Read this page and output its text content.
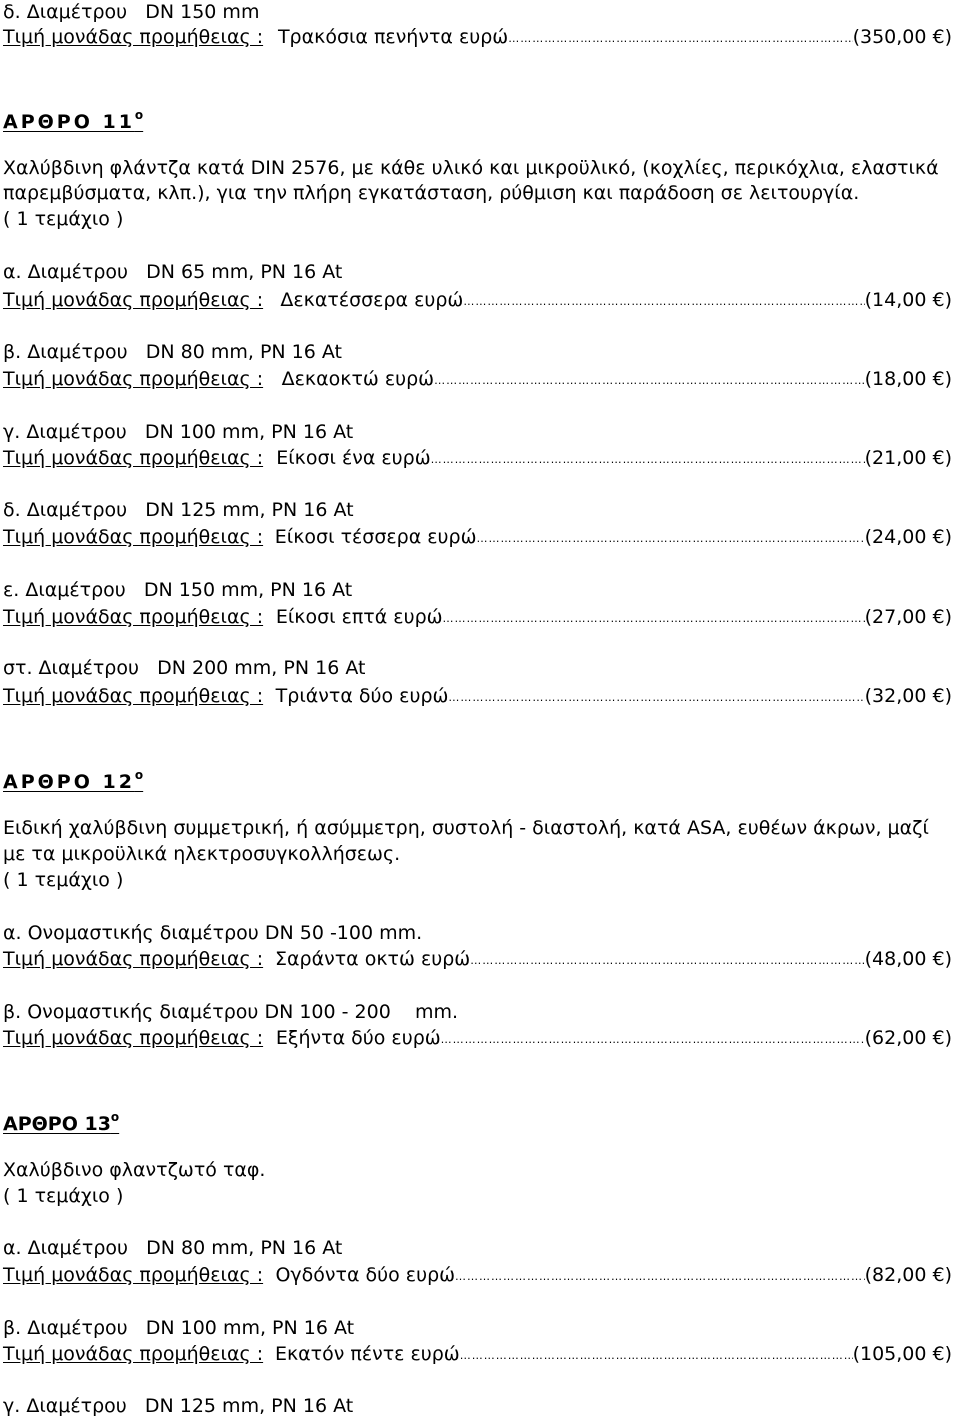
δ. Διαμέτρου   DN 150 mm
Τιμή μονάδας προμήθειας : Τρακόσια πενήντα ευρώ …………………………………………………………………………………………………………………………………………………………	(350,00 €)
ΑΡΘΡΟ $11^o$
Χαλύβδινη φλάντζα κατά DIN 2576, με κάθε υλικό και μικροϋλικό, (κοχλίες, περικόχλια, ελαστικά
παρεμβύσματα, κλπ.), για την πλήρη εγκατάσταση, ρύθμιση και παράδοση σε λειτουργία.
( 1 τεμάχιο )
α. Διαμέτρου   DN 65 mm, PN 16 At
Τιμή μονάδας προμήθειας : Δεκατέσσερα ευρώ …………………………………………………………………………………………………………………………………………………………	(14,00 €)
β. Διαμέτρου   DN 80 mm, PN 16 At
Τιμή μονάδας προμήθειας : Δεκαοκτώ ευρώ …………………………………………………………………………………………………………………………………………………………	(18,00 €)
γ. Διαμέτρου   DN 100 mm, PN 16 At
Τιμή μονάδας προμήθειας : Είκοσι ένα ευρώ …………………………………………………………………………………………………………………………………………………………	(21,00 €)
δ. Διαμέτρου   DN 125 mm, PN 16 At
Τιμή μονάδας προμήθειας : Είκοσι τέσσερα ευρώ …………………………………………………………………………………………………………………………………………………………	(24,00 €)
ε. Διαμέτρου   DN 150 mm, PN 16 At
Τιμή μονάδας προμήθειας : Είκοσι επτά ευρώ …………………………………………………………………………………………………………………………………………………………	(27,00 €)
στ. Διαμέτρου   DN 200 mm, PN 16 At
Τιμή μονάδας προμήθειας : Τριάντα δύο ευρώ …………………………………………………………………………………………………………………………………………………………	(32,00 €)
ΑΡΘΡΟ $12^o$
Ειδική χαλύβδινη συμμετρική, ή ασύμμετρη, συστολή - διαστολή, κατά ASA, ευθέων άκρων, μαζί
με τα μικροϋλικά ηλεκτροσυγκολλήσεως.
( 1 τεμάχιο )
α. Ονομαστικής διαμέτρου DN 50 -100 mm.
Τιμή μονάδας προμήθειας : Σαράντα οκτώ ευρώ …………………………………………………………………………………………………………………………………………………………	(48,00 €)
β. Ονομαστικής διαμέτρου DN 100 - 200    mm.
Τιμή μονάδας προμήθειας : Εξήντα δύο ευρώ …………………………………………………………………………………………………………………………………………………………	(62,00 €)
ΑΡΘΡΟ $13^o$
Χαλύβδινο φλαντζωτό ταφ.
( 1 τεμάχιο )
α. Διαμέτρου   DN 80 mm, PN 16 At
Τιμή μονάδας προμήθειας : Ογδόντα δύο ευρώ …………………………………………………………………………………………………………………………………………………………	(82,00 €)
β. Διαμέτρου   DN 100 mm, PN 16 At
Τιμή μονάδας προμήθειας : Εκατόν πέντε ευρώ …………………………………………………………………………………………………………………………………………………………	(105,00 €)
γ. Διαμέτρου   DN 125 mm, PN 16 At
